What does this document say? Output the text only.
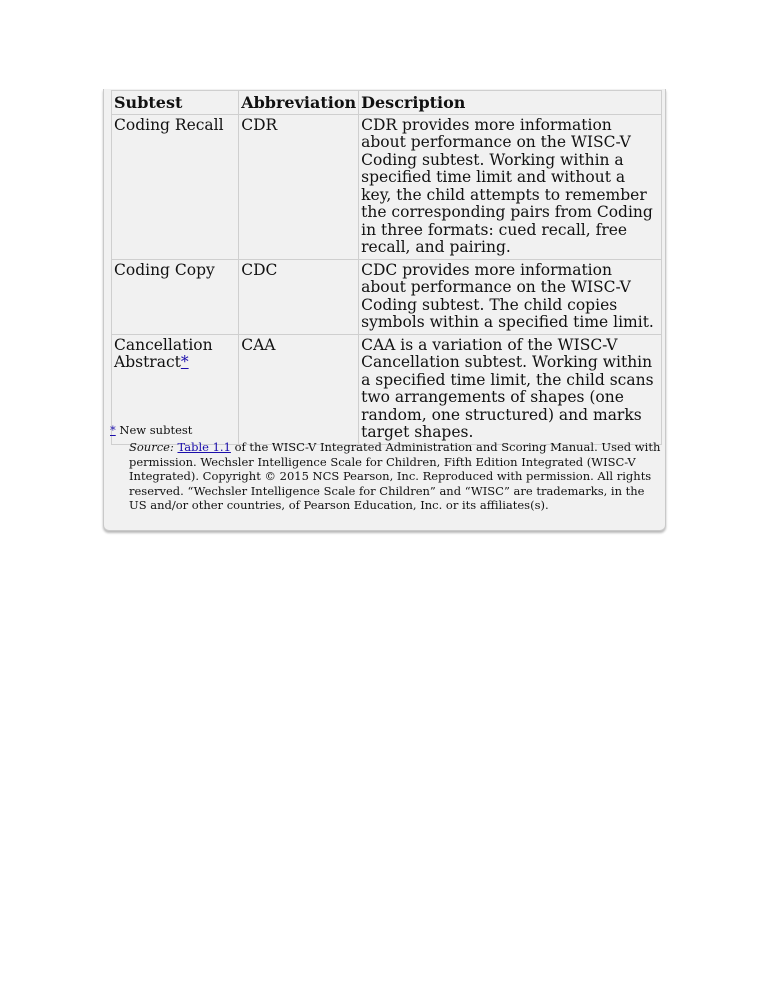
Subtest	Abbreviation	Description
Coding Recall	CDR	CDR provides more information about performance on the WISC-V Coding subtest. Working within a specified time limit and without a key, the child attempts to remember the corresponding pairs from Coding in three formats: cued recall, free recall, and pairing.
Coding Copy	CDC	CDC provides more information about performance on the WISC-V Coding subtest. The child copies symbols within a specified time limit.
Cancellation Abstract*	CAA	CAA is a variation of the WISC-V Cancellation subtest. Working within a specified time limit, the child scans two arrangements of shapes (one random, one structured) and marks target shapes.
* New subtest
Source: Table 1.1 of the WISC-V Integrated Administration and Scoring Manual. Used with permission. Wechsler Intelligence Scale for Children, Fifth Edition Integrated (WISC-V Integrated). Copyright © 2015 NCS Pearson, Inc. Reproduced with permission. All rights reserved. “Wechsler Intelligence Scale for Children” and “WISC” are trademarks, in the US and/or other countries, of Pearson Education, Inc. or its affiliates(s).
